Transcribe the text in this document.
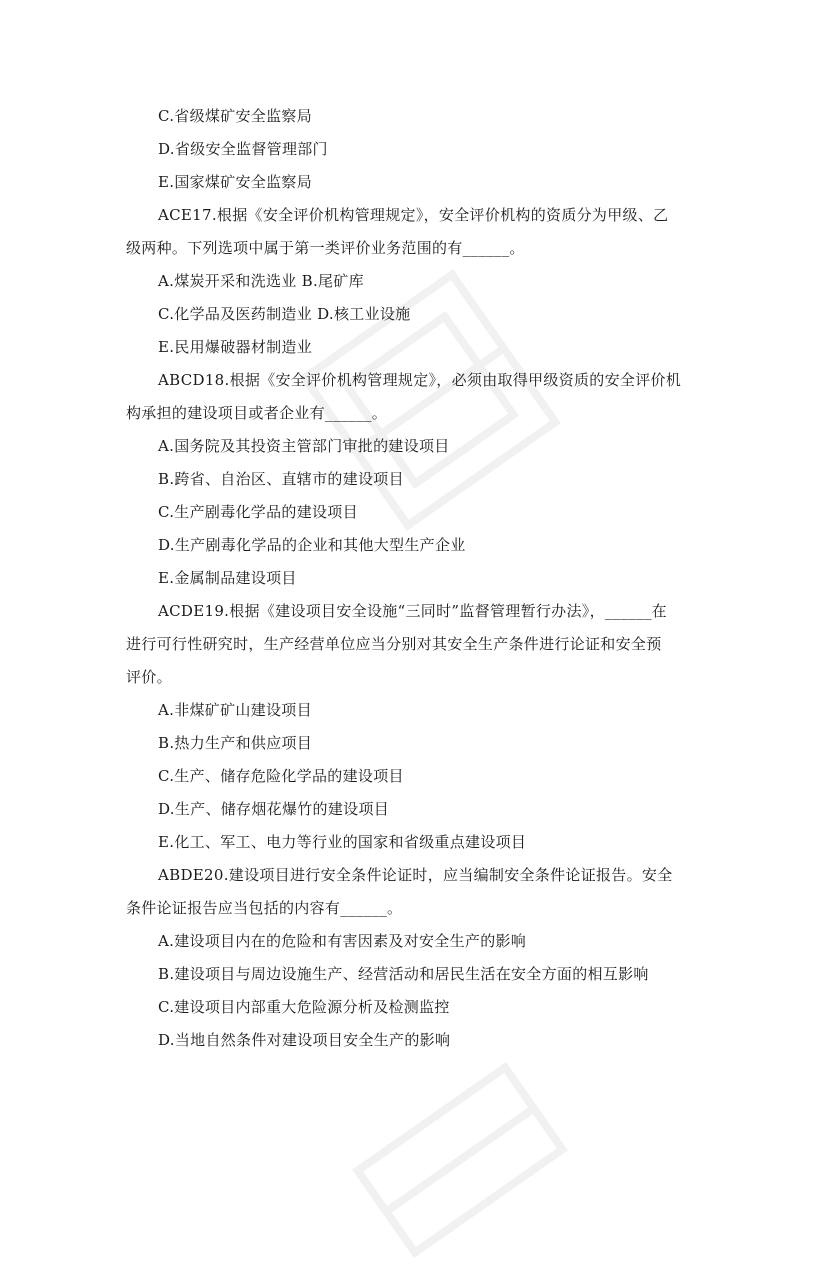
C.省级煤矿安全监察局
D.省级安全监督管理部门
E.国家煤矿安全监察局
ACE17.根据《安全评价机构管理规定》，安全评价机构的资质分为甲级、乙
级两种。下列选项中属于第一类评价业务范围的有______。
A.煤炭开采和洗选业 B.尾矿库
C.化学品及医药制造业 D.核工业设施
E.民用爆破器材制造业
ABCD18.根据《安全评价机构管理规定》，必须由取得甲级资质的安全评价机
构承担的建设项目或者企业有______。
A.国务院及其投资主管部门审批的建设项目
B.跨省、自治区、直辖市的建设项目
C.生产剧毒化学品的建设项目
D.生产剧毒化学品的企业和其他大型生产企业
E.金属制品建设项目
ACDE19.根据《建设项目安全设施“三同时”监督管理暂行办法》，______在
进行可行性研究时，生产经营单位应当分别对其安全生产条件进行论证和安全预
评价。
A.非煤矿矿山建设项目
B.热力生产和供应项目
C.生产、储存危险化学品的建设项目
D.生产、储存烟花爆竹的建设项目
E.化工、军工、电力等行业的国家和省级重点建设项目
ABDE20.建设项目进行安全条件论证时，应当编制安全条件论证报告。安全
条件论证报告应当包括的内容有______。
A.建设项目内在的危险和有害因素及对安全生产的影响
B.建设项目与周边设施生产、经营活动和居民生活在安全方面的相互影响
C.建设项目内部重大危险源分析及检测监控
D.当地自然条件对建设项目安全生产的影响
